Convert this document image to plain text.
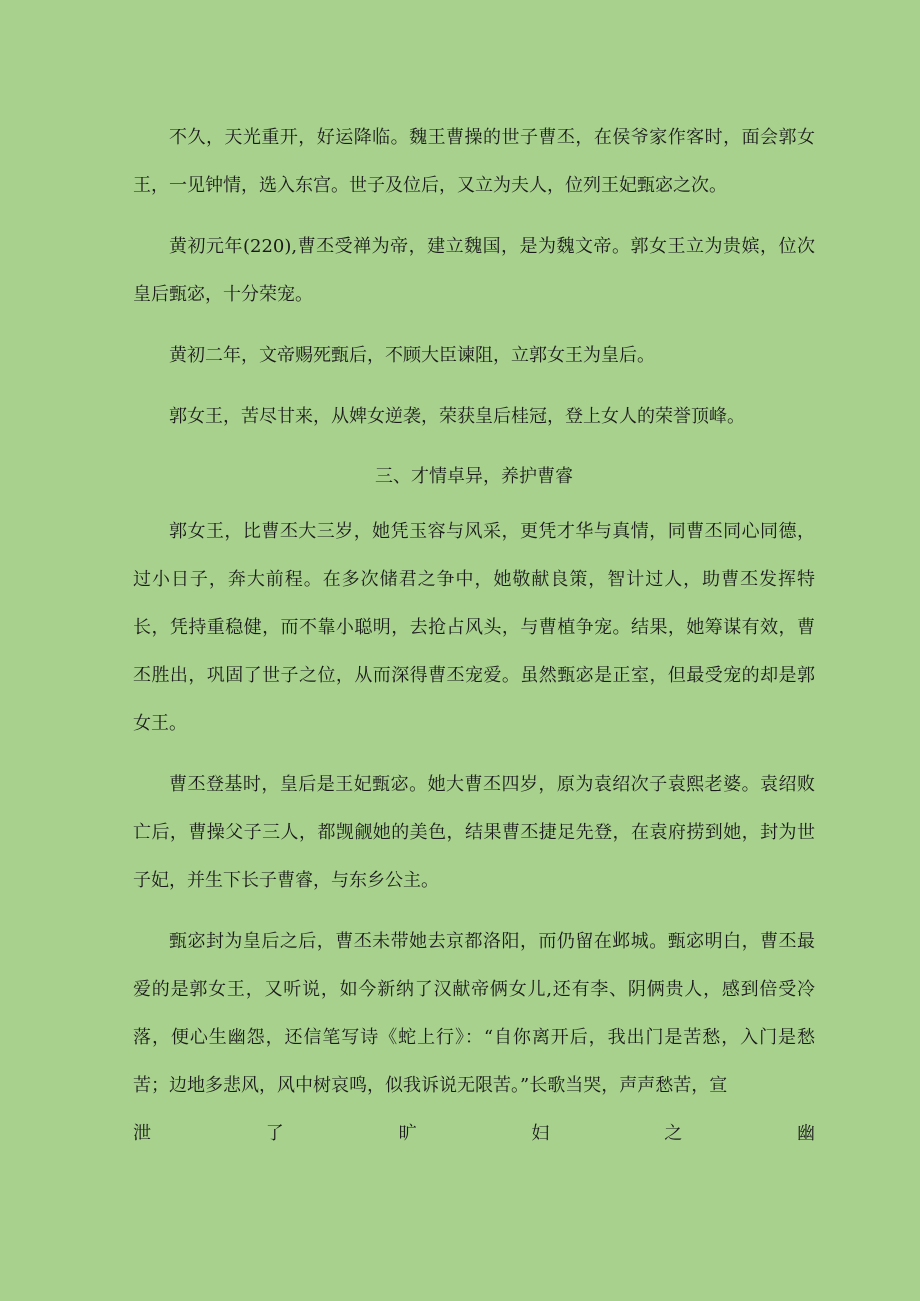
不久，天光重开，好运降临。魏王曹操的世子曹丕，在侯爷家作客时，面会郭女王，一见钟情，选入东宫。世子及位后，又立为夫人，位列王妃甄宓之次。

黄初元年(220),曹丕受禅为帝，建立魏国，是为魏文帝。郭女王立为贵嫔，位次皇后甄宓，十分荣宠。

黄初二年，文帝赐死甄后，不顾大臣谏阻，立郭女王为皇后。

郭女王，苦尽甘来，从婢女逆袭，荣获皇后桂冠，登上女人的荣誉顶峰。

三、才情卓异，养护曹睿

郭女王，比曹丕大三岁，她凭玉容与风采，更凭才华与真情，同曹丕同心同德，过小日子，奔大前程。在多次储君之争中，她敬献良策，智计过人，助曹丕发挥特长，凭持重稳健，而不靠小聪明，去抢占风头，与曹植争宠。结果，她筹谋有效，曹丕胜出，巩固了世子之位，从而深得曹丕宠爱。虽然甄宓是正室，但最受宠的却是郭女王。

曹丕登基时，皇后是王妃甄宓。她大曹丕四岁，原为袁绍次子袁熙老婆。袁绍败亡后，曹操父子三人，都觊觎她的美色，结果曹丕捷足先登，在袁府捞到她，封为世子妃，并生下长子曹睿，与东乡公主。

甄宓封为皇后之后，曹丕未带她去京都洛阳，而仍留在邺城。甄宓明白，曹丕最爱的是郭女王，又听说，如今新纳了汉献帝俩女儿,还有李、阴俩贵人，感到倍受冷落，便心生幽怨，还信笔写诗《蛇上行》：“自你离开后，我出门是苦愁，入门是愁苦；边地多悲风，风中树哀鸣，似我诉说无限苦。”长歌当哭，声声愁苦，宣

泄	了	旷	妇	之	幽
